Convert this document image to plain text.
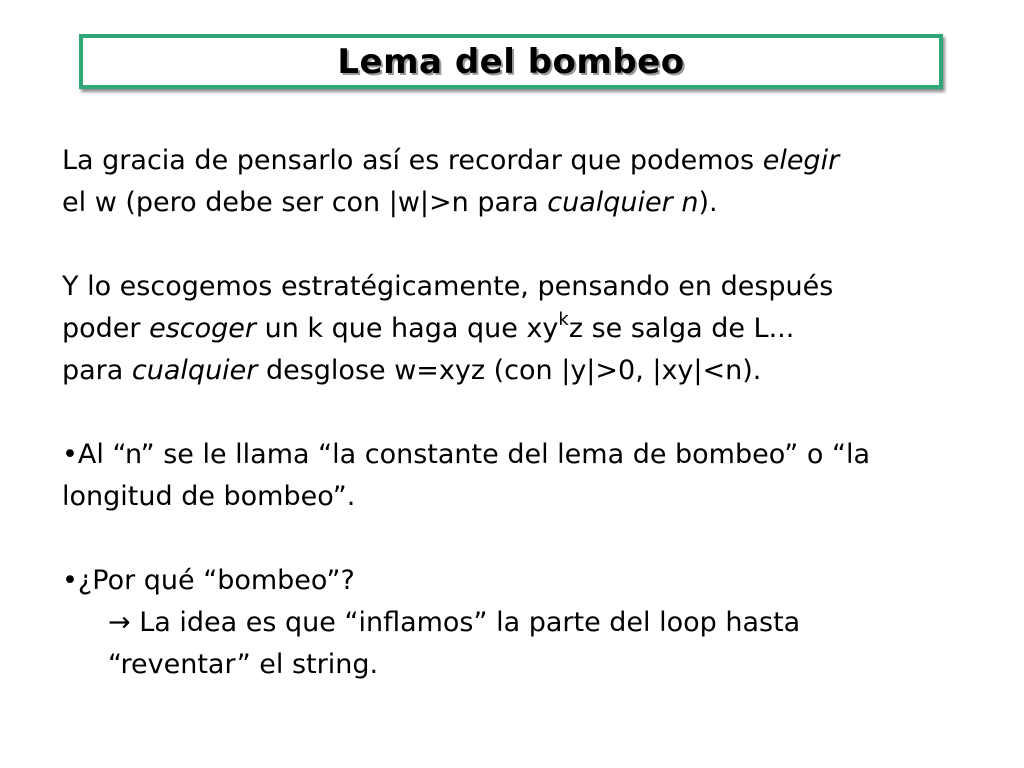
Lema del bombeo

La gracia de pensarlo así es recordar que podemos elegir

el w (pero debe ser con |w|>n para cualquier n).

Y lo escogemos estratégicamente, pensando en después

poder escoger un k que haga que $xy^kz$ se salga de L...

para cualquier desglose w=xyz (con |y|>0, |xy|<n).

•Al “n” se le llama “la constante del lema de bombeo” o “la

longitud de bombeo”.

•¿Por qué “bombeo”?

→ La idea es que “inflamos” la parte del loop hasta

“reventar” el string.
